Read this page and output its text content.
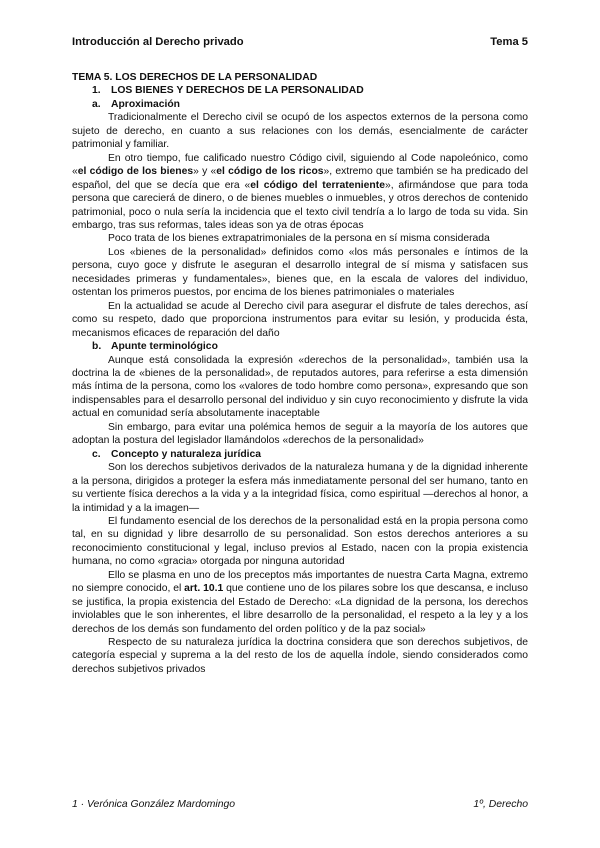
Introducción al Derecho privado	Tema 5

TEMA 5. LOS DERECHOS DE LA PERSONALIDAD

1.	LOS BIENES Y DERECHOS DE LA PERSONALIDAD

a.	Aproximación

Tradicionalmente el Derecho civil se ocupó de los aspectos externos de la persona como sujeto de derecho, en cuanto a sus relaciones con los demás, esencialmente de carácter patrimonial y familiar.

En otro tiempo, fue calificado nuestro Código civil, siguiendo al Code napoleónico, como «el código de los bienes» y «el código de los ricos», extremo que también se ha predicado del español, del que se decía que era «el código del terrateniente», afirmándose que para toda persona que carecierá de dinero, o de bienes muebles o inmuebles, y otros derechos de contenido patrimonial, poco o nula sería la incidencia que el texto civil tendría a lo largo de toda su vida. Sin embargo, tras sus reformas, tales ideas son ya de otras épocas

Poco trata de los bienes extrapatrimoniales de la persona en sí misma considerada

Los «bienes de la personalidad» definidos como «los más personales e íntimos de la persona, cuyo goce y disfrute le aseguran el desarrollo integral de sí misma y satisfacen sus necesidades primeras y fundamentales», bienes que, en la escala de valores del individuo, ostentan los primeros puestos, por encima de los bienes patrimoniales o materiales

En la actualidad se acude al Derecho civil para asegurar el disfrute de tales derechos, así como su respeto, dado que proporciona instrumentos para evitar su lesión, y producida ésta, mecanismos eficaces de reparación del daño

b. Apunte terminológico

Aunque está consolidada la expresión «derechos de la personalidad», también usa la doctrina la de «bienes de la personalidad», de reputados autores, para referirse a esta dimensión más íntima de la persona, como los «valores de todo hombre como persona», expresando que son indispensables para el desarrollo personal del individuo y sin cuyo reconocimiento y disfrute la vida actual en comunidad sería absolutamente inaceptable

Sin embargo, para evitar una polémica hemos de seguir a la mayoría de los autores que adoptan la postura del legislador llamándolos «derechos de la personalidad»

c.	Concepto y naturaleza jurídica

Son los derechos subjetivos derivados de la naturaleza humana y de la dignidad inherente a la persona, dirigidos a proteger la esfera más inmediatamente personal del ser humano, tanto en su vertiente física derechos a la vida y a la integridad física, como espiritual —derechos al honor, a la intimidad y a la imagen—

El fundamento esencial de los derechos de la personalidad está en la propia persona como tal, en su dignidad y libre desarrollo de su personalidad. Son estos derechos anteriores a su reconocimiento constitucional y legal, incluso previos al Estado, nacen con la propia existencia humana, no como «gracia» otorgada por ninguna autoridad

Ello se plasma en uno de los preceptos más importantes de nuestra Carta Magna, extremo no siempre conocido, el art. 10.1 que contiene uno de los pilares sobre los que descansa, e incluso se justifica, la propia existencia del Estado de Derecho: «La dignidad de la persona, los derechos inviolables que le son inherentes, el libre desarrollo de la personalidad, el respeto a la ley y a los derechos de los demás son fundamento del orden político y de la paz social»

Respecto de su naturaleza jurídica la doctrina considera que son derechos subjetivos, de categoría especial y suprema a la del resto de los de aquella índole, siendo considerados como derechos subjetivos privados

1 · Verónica González Mardomingo	1º, Derecho
